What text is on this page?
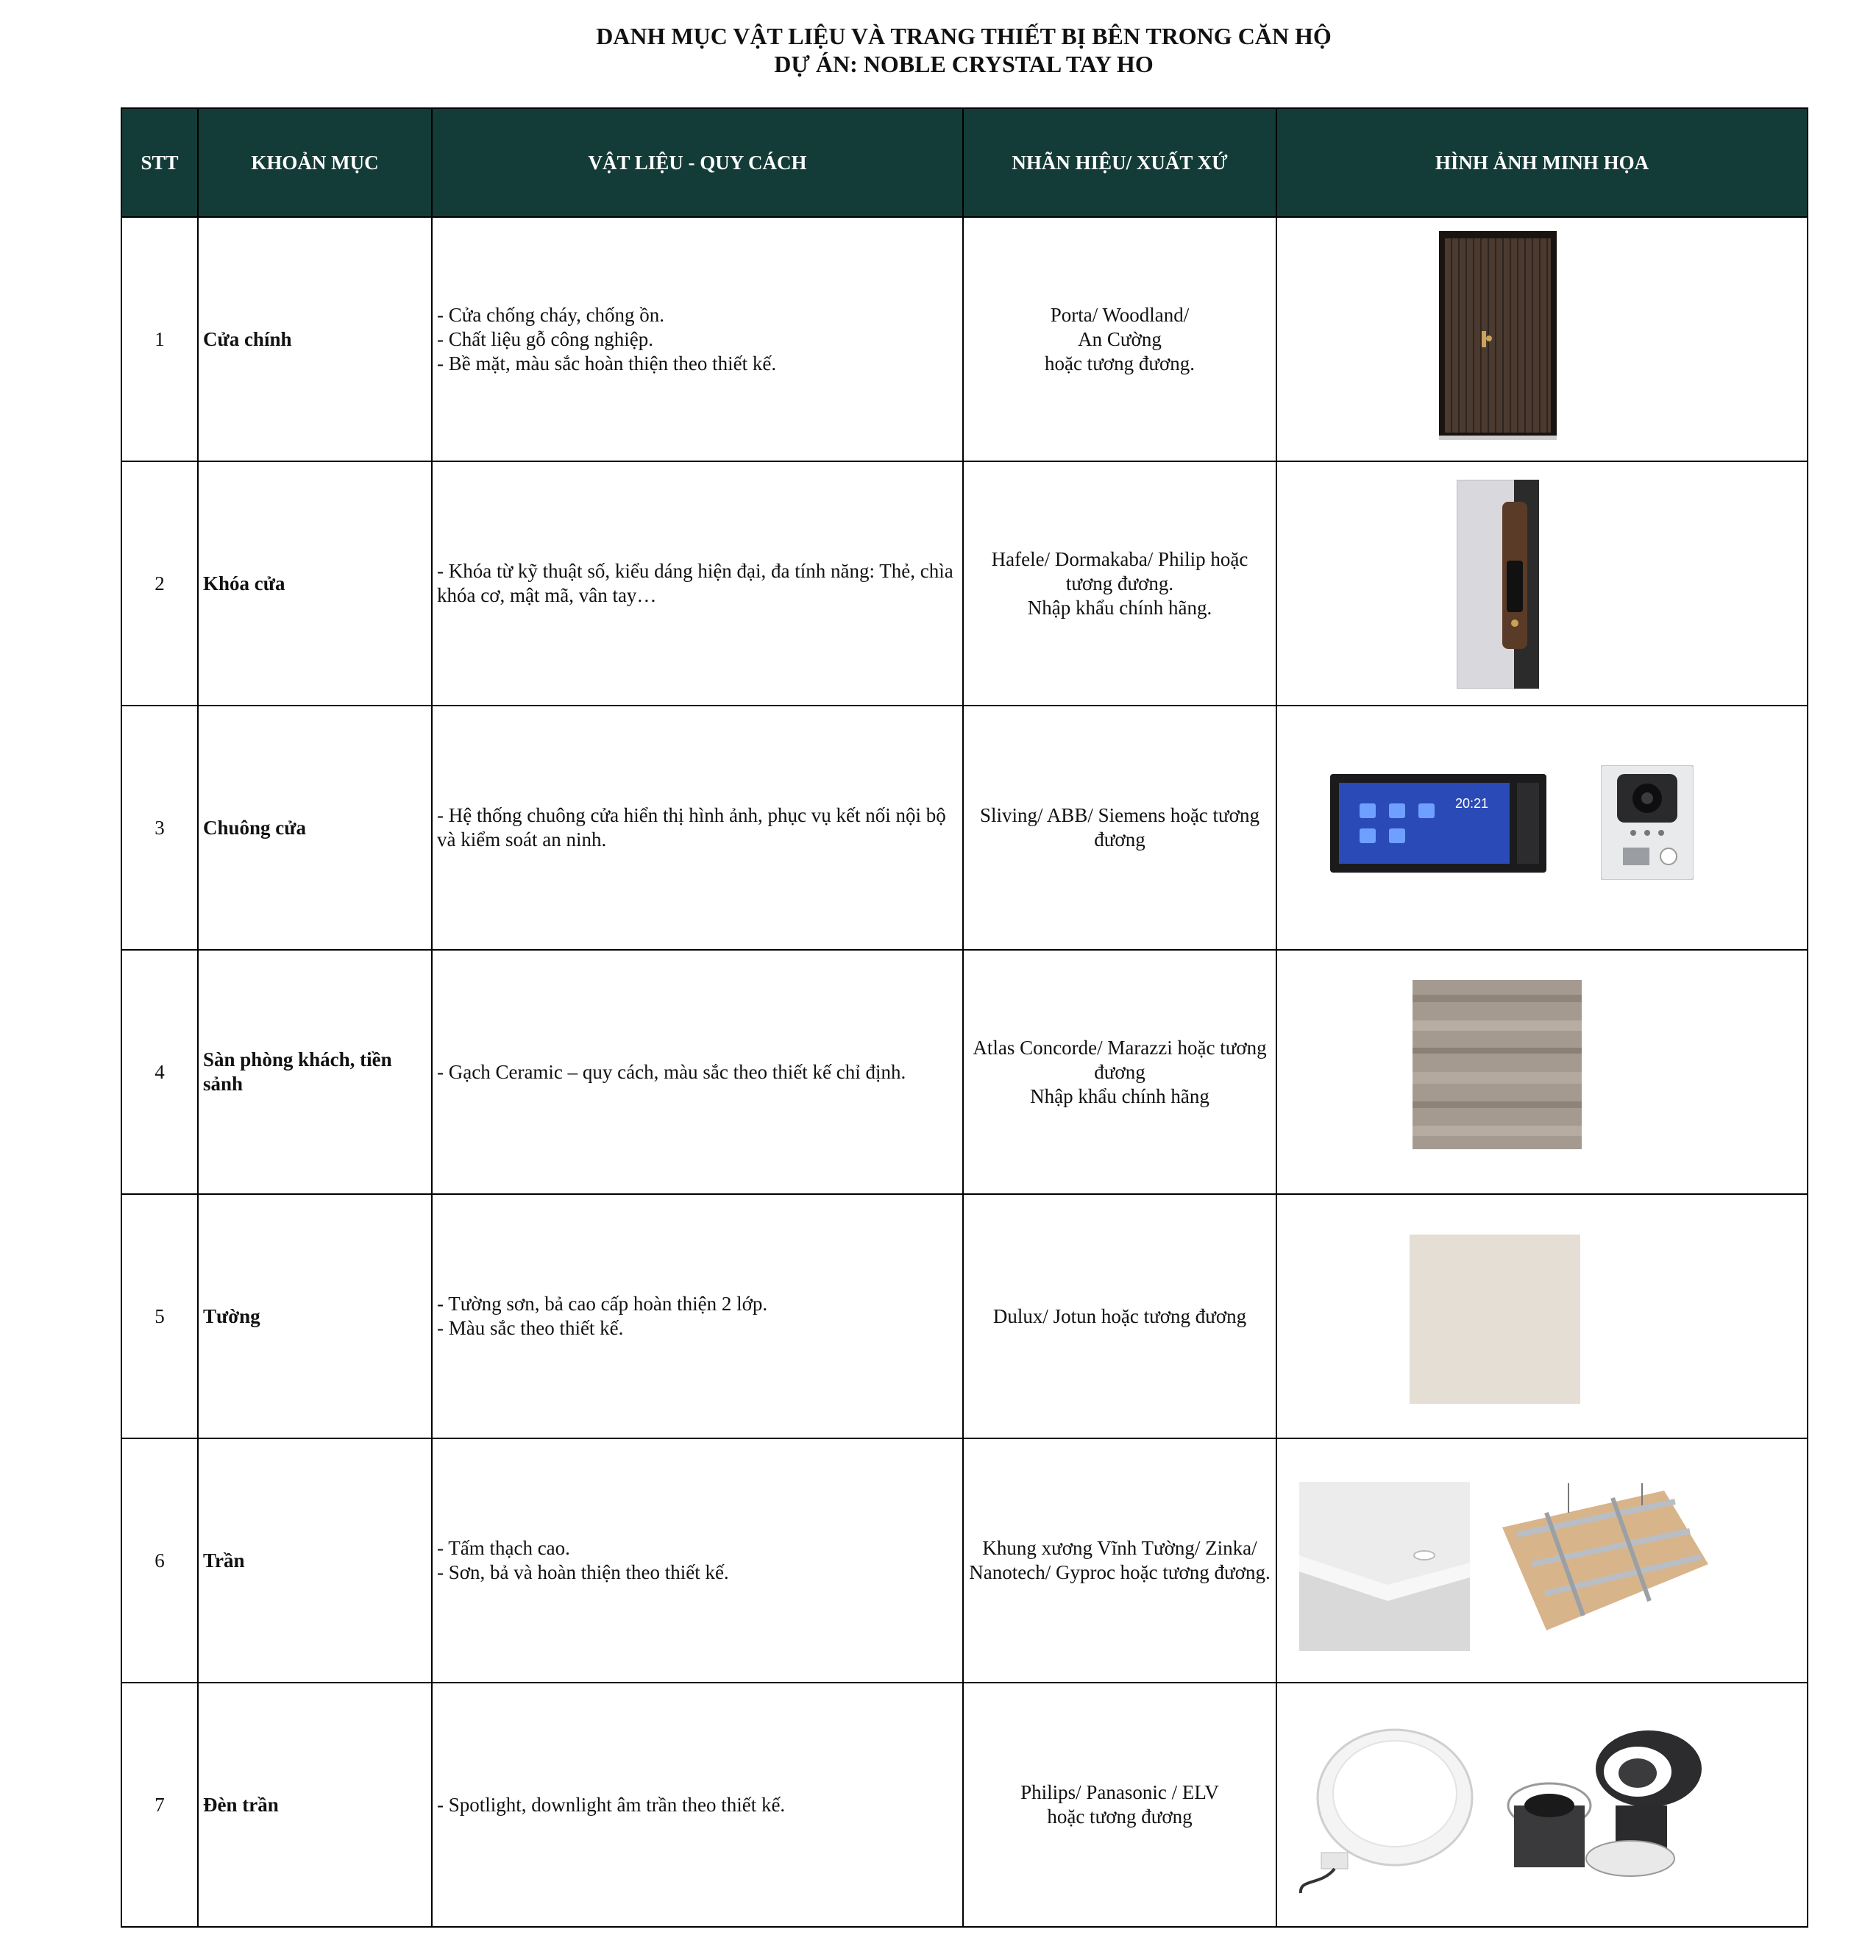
DANH MỤC VẬT LIỆU VÀ TRANG THIẾT BỊ BÊN TRONG CĂN HỘ
DỰ ÁN: NOBLE CRYSTAL TAY HO
STT	KHOẢN MỤC	VẬT LIỆU - QUY CÁCH	NHÃN HIỆU/ XUẤT XỨ	HÌNH ẢNH MINH HỌA
1	Cửa chính	- Cửa chống cháy, chống ồn.
- Chất liệu gỗ công nghiệp.
- Bề mặt, màu sắc hoàn thiện theo thiết kế.	Porta/ Woodland/
An Cường
hoặc tương đương.

2	Khóa cửa	- Khóa từ kỹ thuật số, kiểu dáng hiện đại, đa tính năng: Thẻ, chìa khóa cơ, mật mã, vân tay…	Hafele/ Dormakaba/ Philip hoặc tương đương.
Nhập khẩu chính hãng.

3	Chuông cửa	- Hệ thống chuông cửa hiển thị hình ảnh, phục vụ kết nối nội bộ và kiểm soát an ninh.	Sliving/ ABB/ Siemens hoặc tương đương	20:21

4	Sàn phòng khách, tiền sảnh	- Gạch Ceramic – quy cách, màu sắc theo thiết kế chỉ định.	Atlas Concorde/ Marazzi hoặc tương đương
Nhập khẩu chính hãng

5	Tường	- Tường sơn, bả cao cấp hoàn thiện 2 lớp.
- Màu sắc theo thiết kế.	Dulux/ Jotun hoặc tương đương

6	Trần	- Tấm thạch cao.
- Sơn, bả và hoàn thiện theo thiết kế.	Khung xương Vĩnh Tường/ Zinka/ Nanotech/ Gyproc hoặc tương đương.

7	Đèn trần	- Spotlight, downlight âm trần theo thiết kế.	Philips/ Panasonic / ELV
hoặc tương đương
